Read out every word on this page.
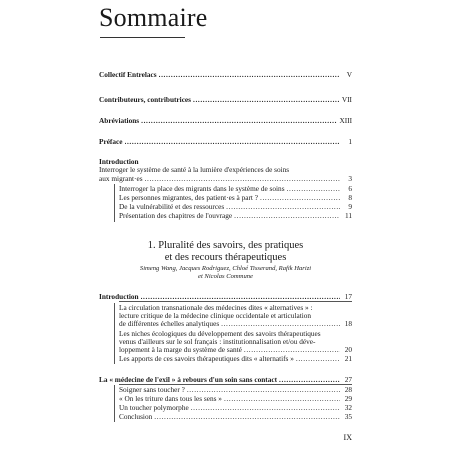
Sommaire
Collectif Entrelacs . . .	V
Contributeurs, contributrices . . .	VII
Abréviations . . .	XIII
Préface . . .	1
Introduction
Interroger le système de santé à la lumière d'expériences de soins
aux migrant·es . . .	3
Interroger la place des migrants dans le système de soins . . .	6
Les personnes migrantes, des patient·es à part ? . . .	8
De la vulnérabilité et des ressources . . .	9
Présentation des chapitres de l'ouvrage . . .	11
1. Pluralité des savoirs, des pratiques
et des recours thérapeutiques
Simeng Wang, Jacques Rodriguez, Chloé Tisserand, Rafik Harizi
et Nicolas Commune
Introduction . . .	17
La circulation transnationale des médecines dites « alternatives » :
lecture critique de la médecine clinique occidentale et articulation
de différentes échelles analytiques . . .	18
Les niches écologiques du développement des savoirs thérapeutiques
venus d'ailleurs sur le sol français : institutionnalisation et/ou déve-
loppement à la marge du système de santé . . .	20
Les apports de ces savoirs thérapeutiques dits « alternatifs » . . .	21
La « médecine de l'exil » à rebours d'un soin sans contact . . .	27
Soigner sans toucher ? . . .	28
« On les triture dans tous les sens » . . .	29
Un toucher polymorphe . . .	32
Conclusion . . .	35
IX
